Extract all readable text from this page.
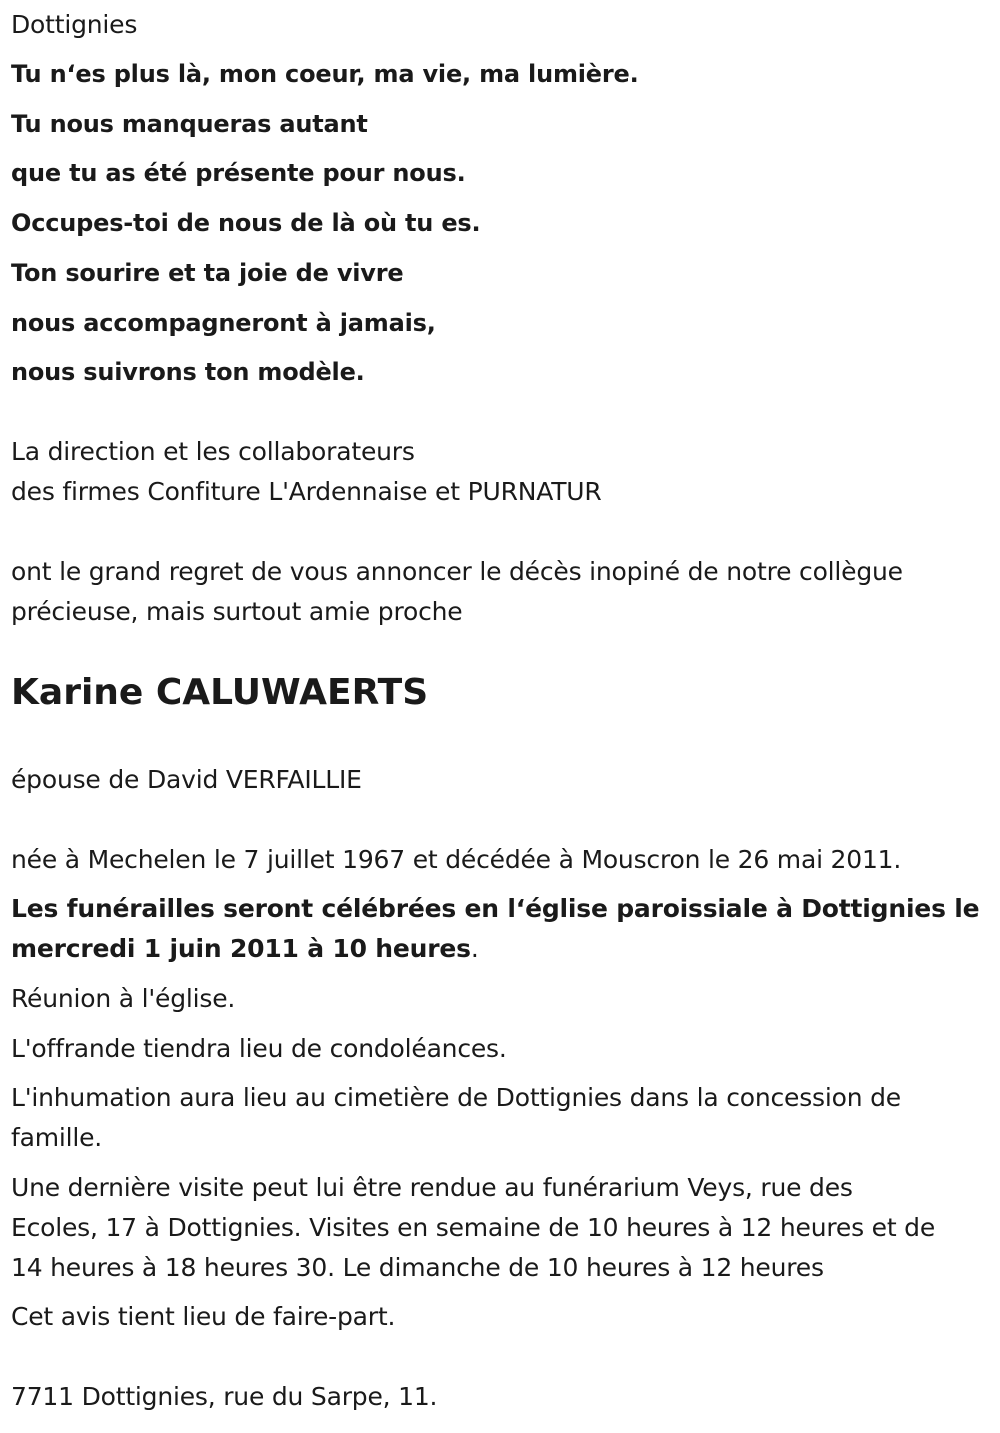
Dottignies
Tu n‘es plus là, mon coeur, ma vie, ma lumière.
Tu nous manqueras autant
que tu as été présente pour nous.
Occupes-toi de nous de là où tu es.
Ton sourire et ta joie de vivre
nous accompagneront à jamais,
nous suivrons ton modèle.
La direction et les collaborateurs
des firmes Confiture L'Ardennaise et PURNATUR
ont le grand regret de vous annoncer le décès inopiné de notre collègue
précieuse, mais surtout amie proche
Karine CALUWAERTS
épouse de David VERFAILLIE
née à Mechelen le 7 juillet 1967 et décédée à Mouscron le 26 mai 2011.
Les funérailles seront célébrées en l‘église paroissiale à Dottignies le
mercredi 1 juin 2011 à 10 heures.
Réunion à l'église.
L'offrande tiendra lieu de condoléances.
L'inhumation aura lieu au cimetière de Dottignies dans la concession de
famille.
Une dernière visite peut lui être rendue au funérarium Veys, rue des
Ecoles, 17 à Dottignies. Visites en semaine de 10 heures à 12 heures et de
14 heures à 18 heures 30. Le dimanche de 10 heures à 12 heures
Cet avis tient lieu de faire-part.
7711 Dottignies, rue du Sarpe, 11.
